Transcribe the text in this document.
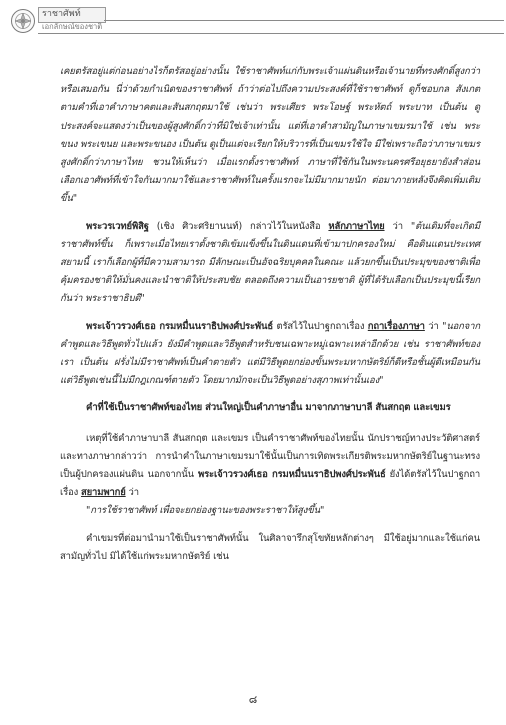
ราชาศัพท์
เอกลักษณ์ของชาติ

เคยตรัสอยู่แต่ก่อนอย่างไรก็ตรัสอยู่อย่างนั้น ใช้ราชาศัพท์แก่กับพระเจ้าแผ่นดินหรือเจ้านายที่ทรงศักดิ์สูงกว่าหรือเสมอกัน นี่ว่าด้วยกำเนิดของราชาศัพท์ ถ้าว่าต่อไปถึงความประสงค์ที่ใช้ราชาศัพท์ ดูก็ชอบกล สังเกตตามคำที่เอาคำภาษาคตและสันสกฤตมาใช้ เช่นว่า พระเศียร พระโอษฐ์ พระหัตถ์ พระบาท เป็นต้น ดูประสงค์จะแสดงว่าเป็นของผู้สูงศักดิ์กว่าที่มิใช่เจ้าเท่านั้น แต่ที่เอาคำสามัญในภาษาเขมรมาใช้ เช่น พระขนง พระเขนย และพระขนอง เป็นต้น ดูเป็นแต่จะเรียกให้บริวารที่เป็นเขมรใช้ใจ มีใช่เพราะถือว่าภาษาเขมรสูงศักดิ์กว่าภาษาไทย ชวนให้เห็นว่า เมื่อแรกตั้งราชาศัพท์ ภาษาที่ใช้กันในพระนครศรีอยุธยายังสำส่อน เลือกเอาศัพท์ที่เข้าใจกันมากมาใช้และราชาศัพท์ในครั้งแรกจะไม่มีมากมายนัก ต่อมาภายหลังจึงคิดเพิ่มเติมขึ้น"

พระวรเวทย์พิสิฐ (เชิง ศิวะศริยานนท์) กล่าวไว้ในหนังสือ หลักภาษาไทย ว่า "ต้นเดิมที่จะเกิดมีราชาศัพท์ขึ้น ก็เพราะเมื่อไทยเราตั้งชาติเข้มแข็งขึ้นในดินแดนที่เข้ามาปกครองใหม่ คือดินแดนประเทศสยามนี้ เราก็เลือกผู้ที่มีความสามารถ มีลักษณะเป็นอัจฉริยบุคคลในคณะ แล้วยกขึ้นเป็นประมุขของชาติเพื่อคุ้มครองชาติให้มั่นคงและนำชาติให้ประสบชัย ตลอดถึงความเป็นอารยชาติ ผู้ที่ได้รับเลือกเป็นประมุขนี้เรียกกันว่า พระราชาธิบดี"

พระเจ้าวรวงศ์เธอ กรมหมื่นนราธิปพงศ์ประพันธ์ ตรัสไว้ในปาฐกถาเรื่อง กถาเรื่องภาษา ว่า "นอกจากคำพูดและวิธีพูดทั่วไปแล้ว ยังมีคำพูดและวิธีพูดสำหรับชนเฉพาะหมู่เฉพาะเหล่าอีกด้วย เช่น ราชาศัพท์ของเรา เป็นต้น ฝรั่งไม่มีราชาศัพท์เป็นคำตายตัว แต่มีวิธีพูดยกย่องขั้นพระมหากษัตริย์ก็ดีหรือชั้นผู้ดีเหมือนกัน แต่วิธีพูดเช่นนี้ไม่มีกฎเกณฑ์ตายตัว โดยมากมักจะเป็นวิธีพูดอย่างสุภาพเท่านั้นเอง"

คำที่ใช้เป็นราชาศัพท์ของไทย ส่วนใหญ่เป็นคำภาษาอื่น มาจากภาษาบาลี สันสกฤต และเขมร

เหตุที่ใช้คำภาษาบาลี สันสกฤต และเขมร เป็นคำราชาศัพท์ของไทยนั้น นักปราชญ์ทางประวัติศาสตร์และทางภาษากล่าวว่า การนำคำในภาษาเขมรมาใช้นั้นเป็นการเทิดพระเกียรติพระมหากษัตริย์ในฐานะทรงเป็นผู้ปกครองแผ่นดิน นอกจากนั้น พระเจ้าวรวงศ์เธอ กรมหมื่นนราธิปพงศ์ประพันธ์ ยังได้ตรัสไว้ในปาฐกถาเรื่อง สยามพากย์ ว่า

"การใช้ราชาศัพท์ เพื่อจะยกย่องฐานะของพระราชาให้สูงขึ้น"

คำเขมรที่ต่อมานำมาใช้เป็นราชาศัพท์นั้น ในศิลาจารึกสุโขทัยหลักต่างๆ มีใช้อยู่มากและใช้แก่คนสามัญทั่วไป มิได้ใช้แก่พระมหากษัตริย์ เช่น

๘
